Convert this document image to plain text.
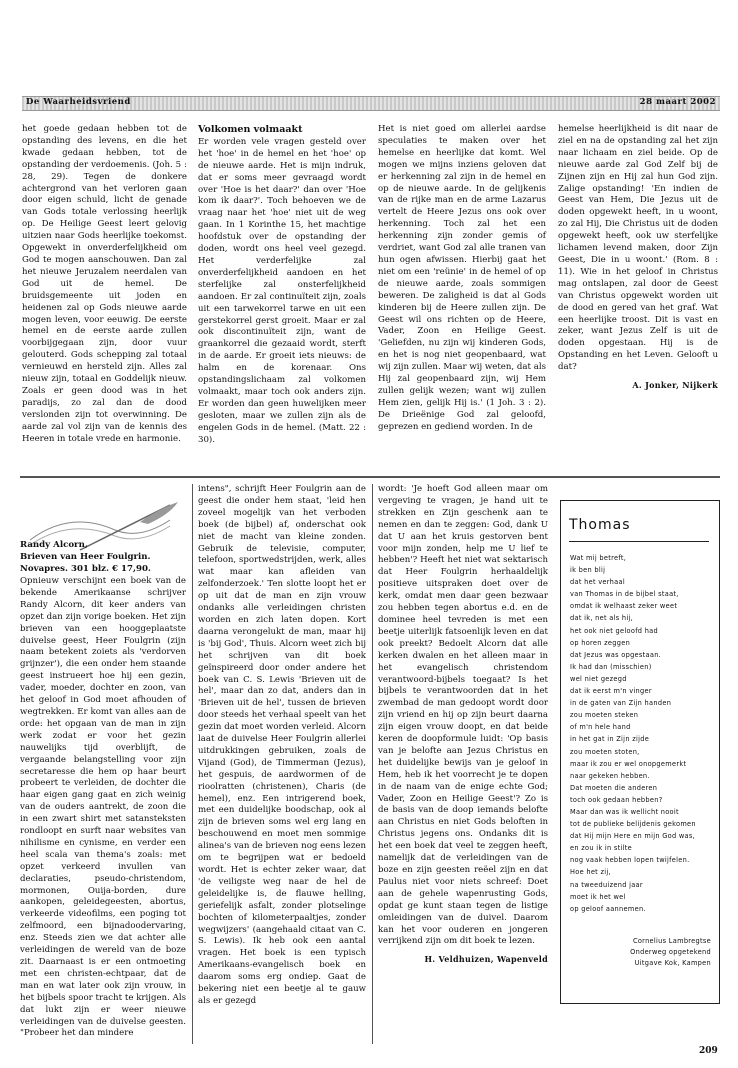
De Waarheidsvriend	28 maart 2002

het goede gedaan hebben tot de opstanding des levens, en die het kwade gedaan hebben, tot de opstanding der verdoemenis. (Joh. 5 : 28, 29). Tegen de donkere achtergrond van het verloren gaan door eigen schuld, licht de genade van Gods totale verlossing heerlijk op. De Heilige Geest leert gelovig uitzien naar Gods heerlijke toekomst. Opgewekt in onverderfelijkheid om God te mogen aanschouwen. Dan zal het nieuwe Jeruzalem neerdalen van God uit de hemel. De bruidsgemeente uit joden en heidenen zal op Gods nieuwe aarde mogen leven, voor eeuwig. De eerste hemel en de eerste aarde zullen voorbijgegaan zijn, door vuur gelouterd. Gods schepping zal totaal vernieuwd en hersteld zijn. Alles zal nieuw zijn, totaal en Goddelijk nieuw. Zoals er geen dood was in het paradijs, zo zal dan de dood verslonden zijn tot overwinning. De aarde zal vol zijn van de kennis des Heeren in totale vrede en harmonie.

Volkomen volmaakt

Er worden vele vragen gesteld over het 'hoe' in de hemel en het 'hoe' op de nieuwe aarde. Het is mijn indruk, dat er soms meer gevraagd wordt over 'Hoe is het daar?' dan over 'Hoe kom ik daar?'. Toch behoeven we de vraag naar het 'hoe' niet uit de weg gaan. In 1 Korinthe 15, het machtige hoofdstuk over de opstanding der doden, wordt ons heel veel gezegd. Het verderfelijke zal onverderfelijkheid aandoen en het sterfelijke zal onsterfelijkheid aandoen. Er zal continuïteit zijn, zoals uit een tarwekorrel tarwe en uit een gerstekorrel gerst groeit. Maar er zal ook discontinuïteit zijn, want de graankorrel die gezaaid wordt, sterft in de aarde. Er groeit iets nieuws: de halm en de korenaar. Ons opstandingslichaam zal volkomen volmaakt, maar toch ook anders zijn. Er worden dan geen huwelijken meer gesloten, maar we zullen zijn als de engelen Gods in de hemel. (Matt. 22 : 30).

Het is niet goed om allerlei aardse speculaties te maken over het hemelse en heerlijke dat komt. Wel mogen we mijns inziens geloven dat er herkenning zal zijn in de hemel en op de nieuwe aarde. In de gelijkenis van de rijke man en de arme Lazarus vertelt de Heere Jezus ons ook over herkenning. Toch zal het een herkenning zijn zonder gemis of verdriet, want God zal alle tranen van hun ogen afwissen. Hierbij gaat het niet om een 'reünie' in de hemel of op de nieuwe aarde, zoals sommigen beweren. De zaligheid is dat al Gods kinderen bij de Heere zullen zijn. De Geest wil ons richten op de Heere, Vader, Zoon en Heilige Geest. 'Geliefden, nu zijn wij kinderen Gods, en het is nog niet geopenbaard, wat wij zijn zullen. Maar wij weten, dat als Hij zal geopenbaard zijn, wij Hem zullen gelijk wezen; want wij zullen Hem zien, gelijk Hij is.' (1 Joh. 3 : 2). De Drieënige God zal geloofd, geprezen en gediend worden. In de

hemelse heerlijkheid is dit naar de ziel en na de opstanding zal het zijn naar lichaam en ziel beide. Op de nieuwe aarde zal God Zelf bij de Zijnen zijn en Hij zal hun God zijn. Zalige opstanding! 'En indien de Geest van Hem, Die Jezus uit de doden opgewekt heeft, in u woont, zo zal Hij, Die Christus uit de doden opgewekt heeft, ook uw sterfelijke lichamen levend maken, door Zijn Geest, Die in u woont.' (Rom. 8 : 11). Wie in het geloof in Christus mag ontslapen, zal door de Geest van Christus opgewekt worden uit de dood en gered van het graf. Wat een heerlijke troost. Dit is vast en zeker, want Jezus Zelf is uit de doden opgestaan. Hij is de Opstanding en het Leven. Gelooft u dat?

A. Jonker, Nijkerk
Randy Alcorn,
Brieven van Heer Foulgrin.
Novapres. 301 blz. € 17,90.

Opnieuw verschijnt een boek van de bekende Amerikaanse schrijver Randy Alcorn, dit keer anders van opzet dan zijn vorige boeken. Het zijn brieven van een hooggeplaatste duivelse geest, Heer Foulgrin (zijn naam betekent zoiets als 'verdorven grijnzer'), die een onder hem staande geest instrueert hoe hij een gezin, vader, moeder, dochter en zoon, van het geloof in God moet afhouden of wegtrekken. Er komt van alles aan de orde: het opgaan van de man in zijn werk zodat er voor het gezin nauwelijks tijd overblijft, de vergaande belangstelling voor zijn secretaresse die hem op haar beurt probeert te verleiden, de dochter die haar eigen gang gaat en zich weinig van de ouders aantrekt, de zoon die in een zwart shirt met satansteksten rondloopt en surft naar websites van nihilisme en cynisme, en verder een heel scala van thema's zoals: met opzet verkeerd invullen van declaraties, pseudo-christendom, mormonen, Ouija-borden, dure aankopen, geleidegeesten, abortus, verkeerde videofilms, een poging tot zelfmoord, een bijnadoodervaring, enz. Steeds zien we dat achter alle verleidingen de wereld van de boze zit. Daarnaast is er een ontmoeting met een christen-echtpaar, dat de man en wat later ook zijn vrouw, in het bijbels spoor tracht te krijgen. Als dat lukt zijn er weer nieuwe verleidingen van de duivelse geesten. "Probeer het dan mindere

intens", schrijft Heer Foulgrin aan de geest die onder hem staat, 'leid hen zoveel mogelijk van het verboden boek (de bijbel) af, onderschat ook niet de macht van kleine zonden. Gebruik de televisie, computer, telefoon, sportwedstrijden, werk, alles wat maar kan afleiden van zelfonderzoek.' Ten slotte loopt het er op uit dat de man en zijn vrouw ondanks alle verleidingen christen worden en zich laten dopen. Kort daarna verongelukt de man, maar hij is 'bij God', Thuis. Alcorn weet zich bij het schrijven van dit boek geïnspireerd door onder andere het boek van C. S. Lewis 'Brieven uit de hel', maar dan zo dat, anders dan in 'Brieven uit de hel', tussen de brieven door steeds het verhaal speelt van het gezin dat moet worden verleid. Alcorn laat de duivelse Heer Foulgrin allerlei uitdrukkingen gebruiken, zoals de Vijand (God), de Timmerman (Jezus), het gespuis, de aardwormen of de rioolratten (christenen), Charis (de hemel), enz. Een intrigerend boek, met een duidelijke boodschap, ook al zijn de brieven soms wel erg lang en beschouwend en moet men sommige alinea's van de brieven nog eens lezen om te begrijpen wat er bedoeld wordt. Het is echter zeker waar, dat 'de veiligste weg naar de hel de geleidelijke is, de flauwe helling, geriefelijk asfalt, zonder plotselinge bochten of kilometerpaaltjes, zonder wegwijzers' (aangehaald citaat van C. S. Lewis). Ik heb ook een aantal vragen. Het boek is een typisch Amerikaans-evangelisch boek en daarom soms erg ondiep. Gaat de bekering niet een beetje al te gauw als er gezegd

wordt: 'Je hoeft God alleen maar om vergeving te vragen, je hand uit te strekken en Zijn geschenk aan te nemen en dan te zeggen: God, dank U dat U aan het kruis gestorven bent voor mijn zonden, help me U lief te hebben'? Heeft het niet wat sektarisch dat Heer Foulgrin herhaaldelijk positieve uitspraken doet over de kerk, omdat men daar geen bezwaar zou hebben tegen abortus e.d. en de dominee heel tevreden is met een beetje uiterlijk fatsoenlijk leven en dat ook preekt? Bedoelt Alcorn dat alle kerken dwalen en het alleen maar in het evangelisch christendom verantwoord-bijbels toegaat? Is het bijbels te verantwoorden dat in het zwembad de man gedoopt wordt door zijn vriend en hij op zijn beurt daarna zijn eigen vrouw doopt, en dat beide keren de doopformule luidt: 'Op basis van je belofte aan Jezus Christus en het duidelijke bewijs van je geloof in Hem, heb ik het voorrecht je te dopen in de naam van de enige echte God; Vader, Zoon en Heilige Geest'? Zo is de basis van de doop iemands belofte aan Christus en niet Gods beloften in Christus jegens ons. Ondanks dit is het een boek dat veel te zeggen heeft, namelijk dat de verleidingen van de boze en zijn geesten reëel zijn en dat Paulus niet voor niets schreef: Doet aan de gehele wapenrusting Gods, opdat ge kunt staan tegen de listige omleidingen van de duivel. Daarom kan het voor ouderen en jongeren verrijkend zijn om dit boek te lezen.

H. Veldhuizen, Wapenveld
Thomas
Wat mij betreft,
ik ben blij
dat het verhaal
van Thomas in de bijbel staat,
omdat ik welhaast zeker weet
dat ik, net als hij,
het ook niet geloofd had
op horen zeggen
dat Jezus was opgestaan.
Ik had dan (misschien)
wel niet gezegd
dat ik eerst m'n vinger
in de gaten van Zijn handen
zou moeten steken
of m'n hele hand
in het gat in Zijn zijde
zou moeten stoten,
maar ik zou er wel onopgemerkt
naar gekeken hebben.
Dat moeten die anderen
toch ook gedaan hebben?
Maar dan was ik wellicht nooit
tot de publieke belijdenis gekomen
dat Hij mijn Here en mijn God was,
en zou ik in stilte
nog vaak hebben lopen twijfelen.
Hoe het zij,
na tweeduizend jaar
moet ik het wel
op geloof aannemen.
Cornelius Lambregtse
Onderweg opgetekend
Uitgave Kok, Kampen
209
